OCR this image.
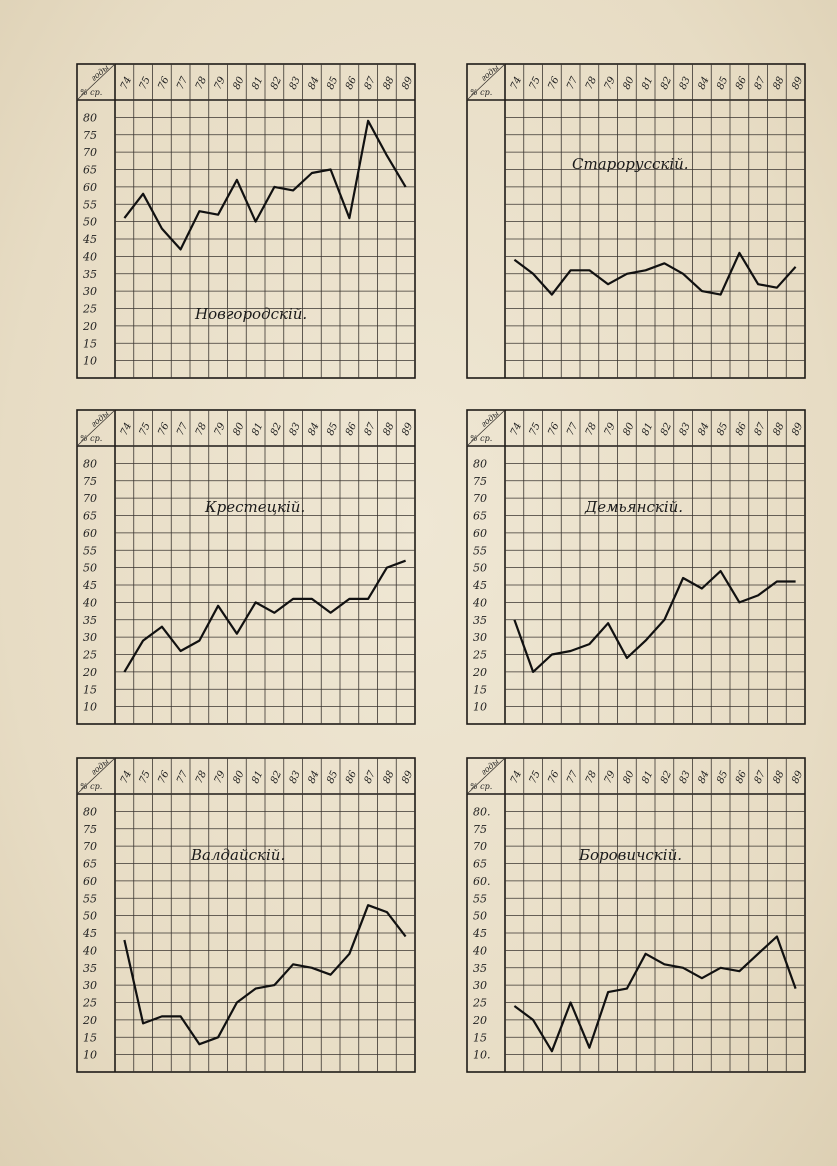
годы
% ср.
74 75 76 77 78 79 80 81 82 83 84 85 86 87 88 89
80
75
70
65
60
55
50
45
40
35
30
25
20
15
10
Новгородскій.
годы
% ср.
74 75 76 77 78 79 80 81 82 83 84 85 86 87 88 89
Старорусскій.
годы
% ср.
74 75 76 77 78 79 80 81 82 83 84 85 86 87 88 89
80
75
70
65
60
55
50
45
40
35
30
25
20
15
10
Крестецкій.
годы
% ср.
74 75 76 77 78 79 80 81 82 83 84 85 86 87 88 89
80
75
70
65
60
55
50
45
40
35
30
25
20
15
10
Демьянскій.
годы
% ср.
74 75 76 77 78 79 80 81 82 83 84 85 86 87 88 89
80
75
70
65
60
55
50
45
40
35
30
25
20
15
10
Валдайскій.
годы
% ср.
74 75 76 77 78 79 80 81 82 83 84 85 86 87 88 89
80.
75
70
65
60.
55
50
45
40
35
30
25
20
15
10.
Боровичскій.
